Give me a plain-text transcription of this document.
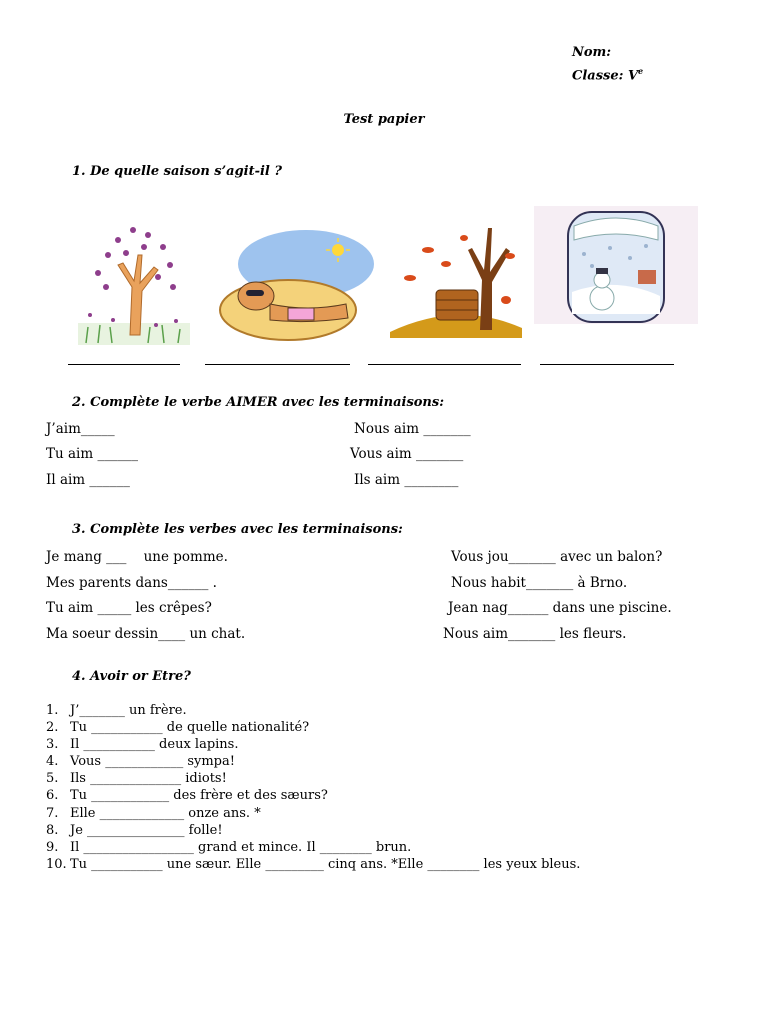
Nom:
Classe: Ve
Test papier
1. De quelle saison s’agit-il ?
2. Complète le verbe AIMER avec les terminaisons:
J’aim_____
Tu aim ______
Il aim ______
Nous aim _______
Vous aim _______
Ils aim ________
3. Complète les verbes avec les terminaisons:
Je mang ___    une pomme.
Mes parents dans______ .
Tu aim _____ les crêpes?
Ma soeur dessin____ un chat.
Vous jou_______ avec un balon?
Nous habit_______ à Brno.
Jean nag______ dans une piscine.
Nous aim_______ les fleurs.
4. Avoir or Etre?
1. J’_______ un frère.
2. Tu ___________ de quelle nationalité?
3. Il ___________ deux lapins.
4. Vous ____________ sympa!
5. Ils ______________ idiots!
6. Tu ____________ des frère et des sæurs?
7. Elle _____________ onze ans. *
8. Je _______________ folle!
9. Il _________________ grand et mince. Il ________ brun.
10. Tu ___________ une sæur. Elle _________ cinq ans. *Elle ________ les yeux bleus.
